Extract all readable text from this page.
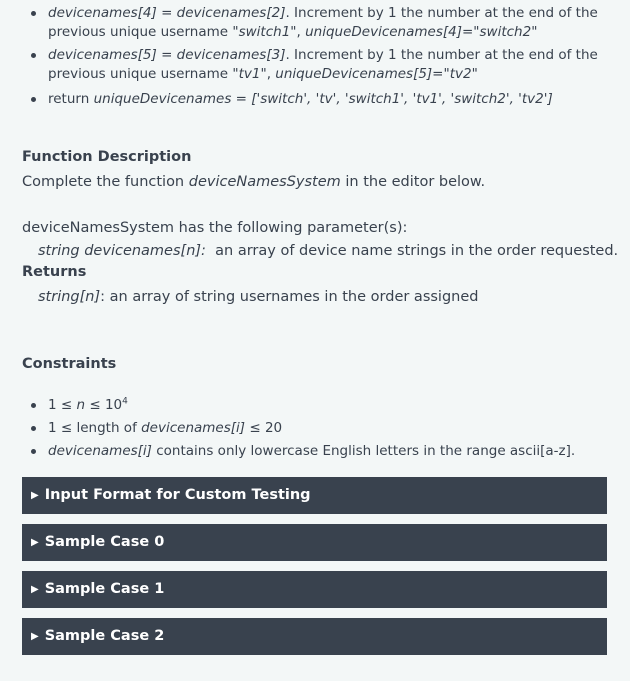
devicenames[4] = devicenames[2]. Increment by 1 the number at the end of the previous unique username "switch1", uniqueDevicenames[4]="switch2"
devicenames[5] = devicenames[3]. Increment by 1 the number at the end of the previous unique username "tv1", uniqueDevicenames[5]="tv2"
return uniqueDevicenames = ['switch', 'tv', 'switch1', 'tv1', 'switch2', 'tv2']
Function Description
Complete the function deviceNamesSystem in the editor below.
deviceNamesSystem has the following parameter(s):
string devicenames[n]:  an array of device name strings in the order requested.
Returns
string[n]: an array of string usernames in the order assigned
Constraints
$1 \le n \le 10^4$
1 ≤ length of devicenames[i] ≤ 20
devicenames[i] contains only lowercase English letters in the range ascii[a-z].
▶ Input Format for Custom Testing
▶ Sample Case 0
▶ Sample Case 1
▶ Sample Case 2
